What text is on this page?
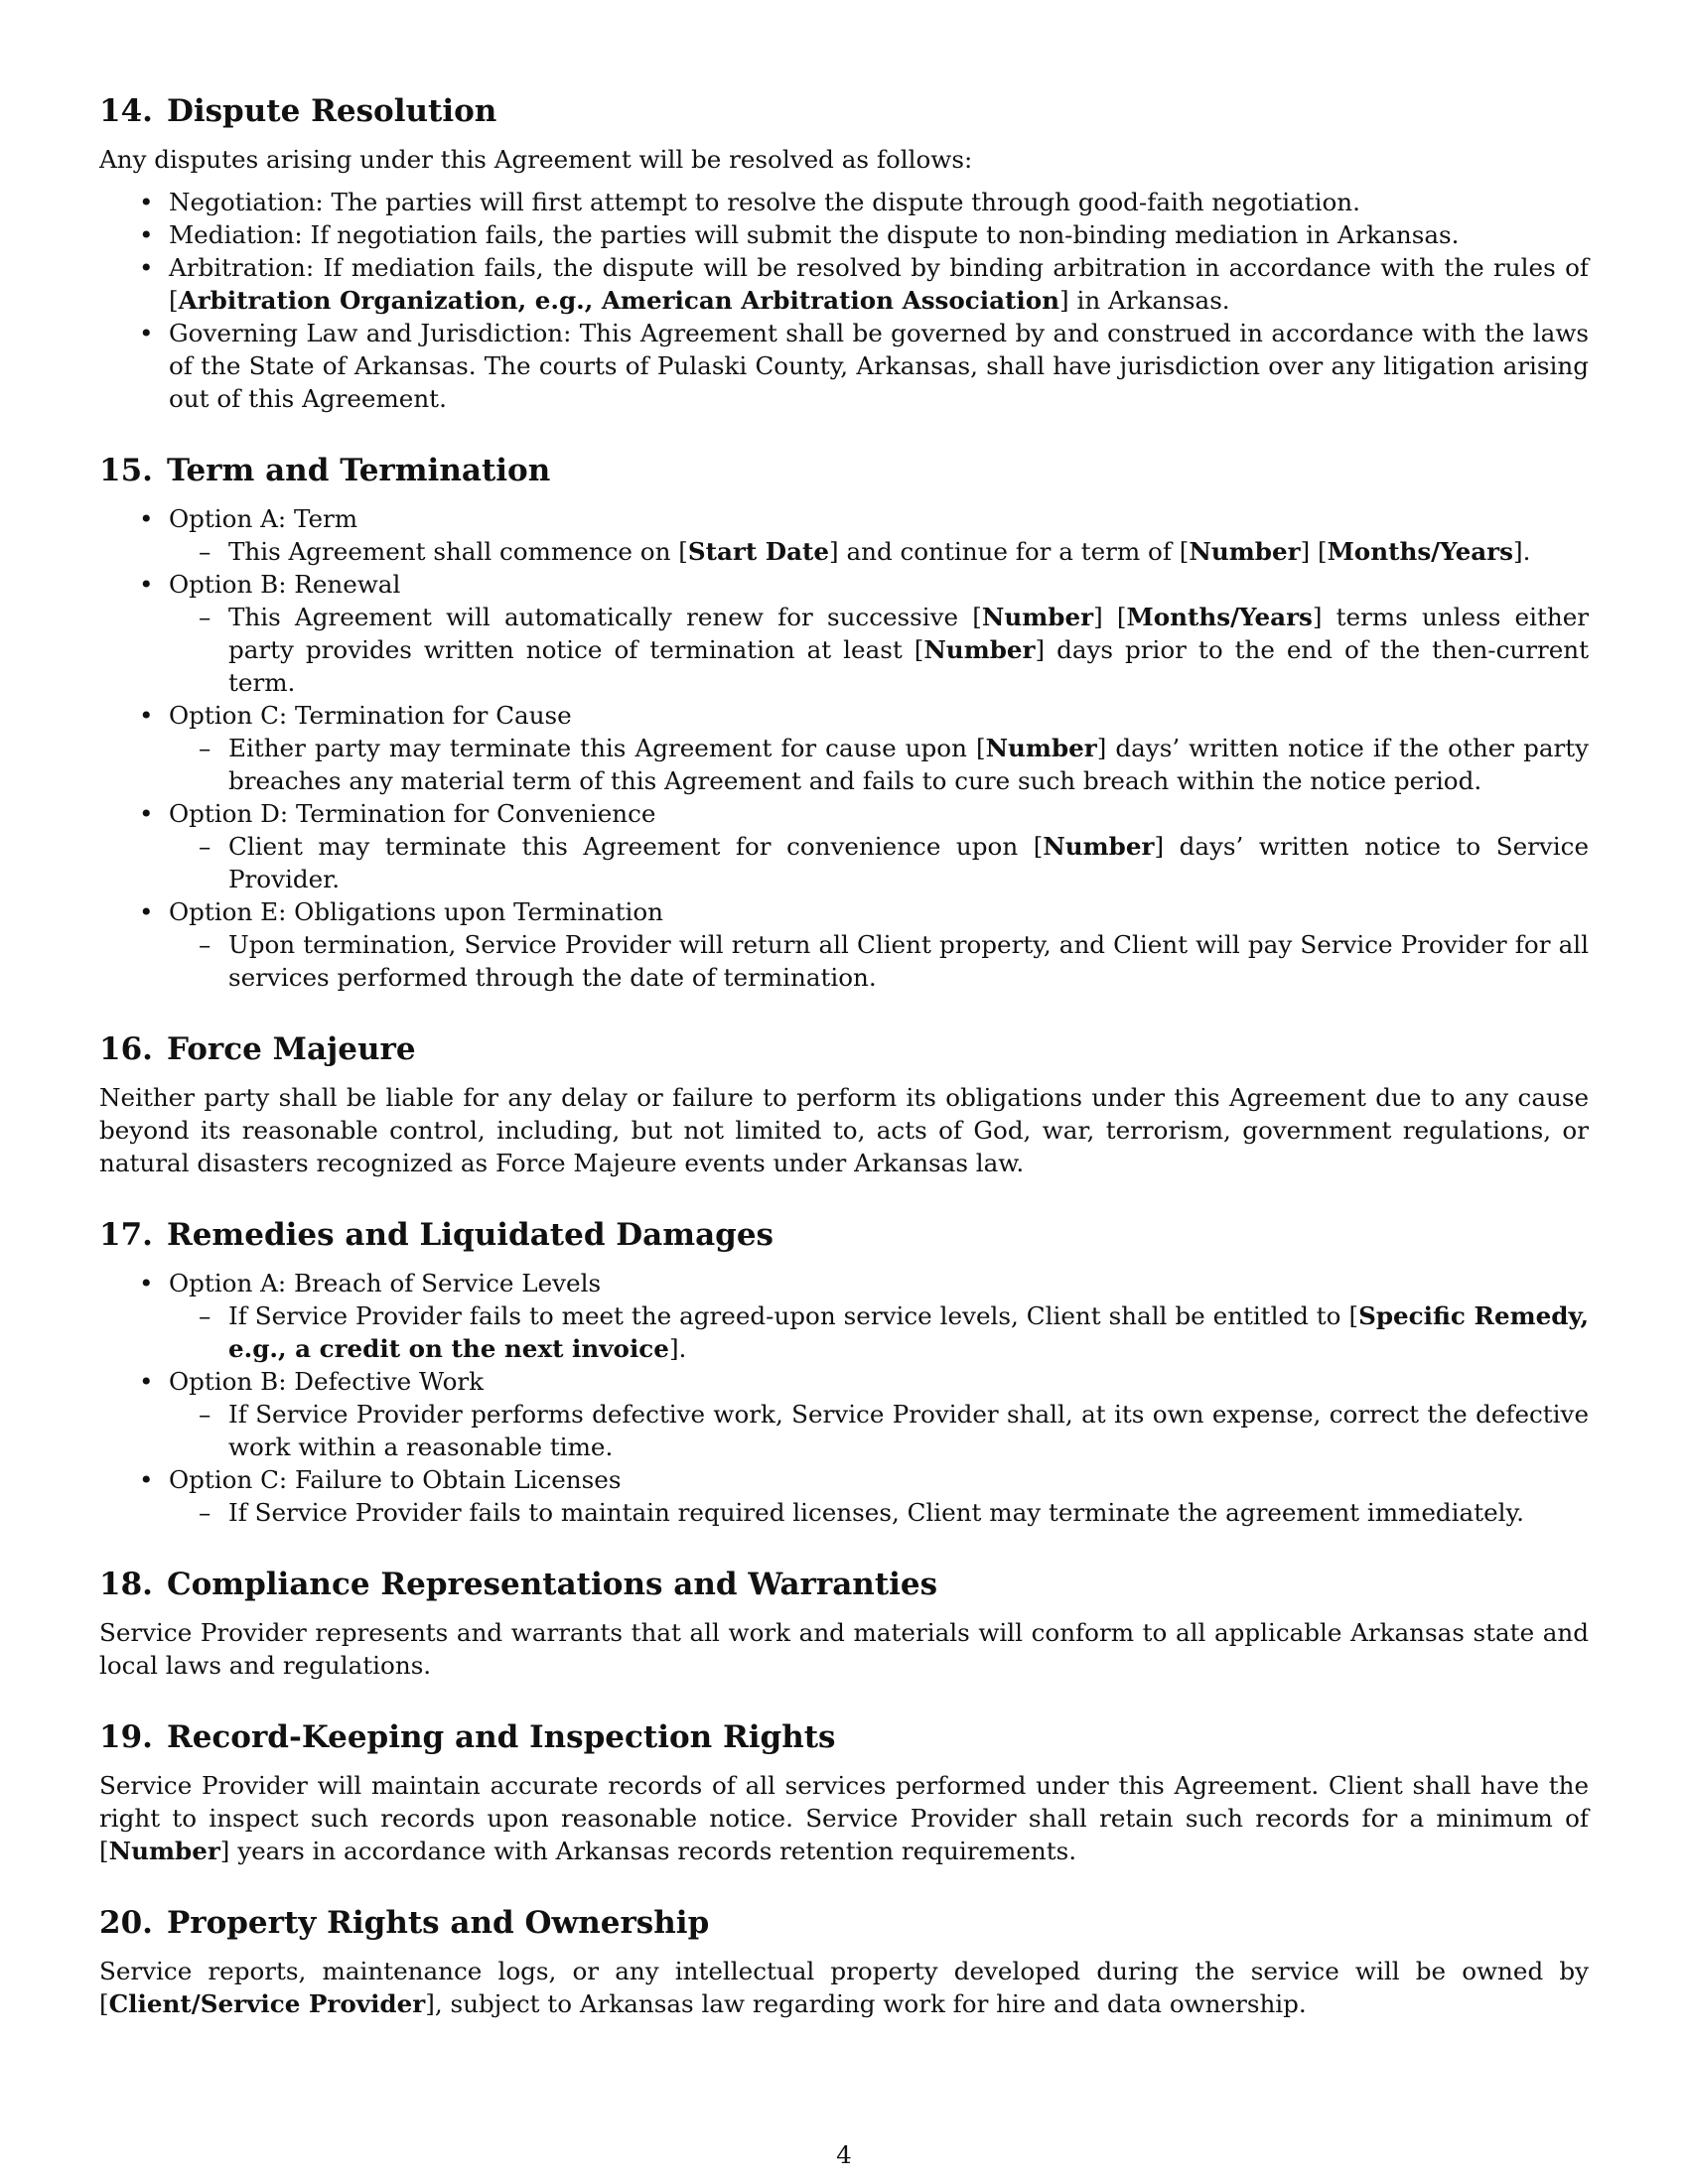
14. Dispute Resolution

Any disputes arising under this Agreement will be resolved as follows:

• Negotiation: The parties will first attempt to resolve the dispute through good-faith negotiation.
• Mediation: If negotiation fails, the parties will submit the dispute to non-binding mediation in Arkansas.
• Arbitration: If mediation fails, the dispute will be resolved by binding arbitration in accordance with the rules of [Arbitration Organization, e.g., American Arbitration Association] in Arkansas.
• Governing Law and Jurisdiction: This Agreement shall be governed by and construed in accordance with the laws of the State of Arkansas. The courts of Pulaski County, Arkansas, shall have jurisdiction over any litigation arising out of this Agreement.
15. Term and Termination
• Option A: Term
– This Agreement shall commence on [Start Date] and continue for a term of [Number] [Months/Years].
• Option B: Renewal
– This Agreement will automatically renew for successive [Number] [Months/Years] terms unless either party provides written notice of termination at least [Number] days prior to the end of the then-current term.
• Option C: Termination for Cause
– Either party may terminate this Agreement for cause upon [Number] days’ written notice if the other party breaches any material term of this Agreement and fails to cure such breach within the notice period.
• Option D: Termination for Convenience
– Client may terminate this Agreement for convenience upon [Number] days’ written notice to Service Provider.
• Option E: Obligations upon Termination
– Upon termination, Service Provider will return all Client property, and Client will pay Service Provider for all services performed through the date of termination.
16. Force Majeure

Neither party shall be liable for any delay or failure to perform its obligations under this Agreement due to any cause beyond its reasonable control, including, but not limited to, acts of God, war, terrorism, government regulations, or natural disasters recognized as Force Majeure events under Arkansas law.

17. Remedies and Liquidated Damages
• Option A: Breach of Service Levels
– If Service Provider fails to meet the agreed-upon service levels, Client shall be entitled to [Specific Remedy, e.g., a credit on the next invoice].
• Option B: Defective Work
– If Service Provider performs defective work, Service Provider shall, at its own expense, correct the defective work within a reasonable time.
• Option C: Failure to Obtain Licenses
– If Service Provider fails to maintain required licenses, Client may terminate the agreement immediately.
18. Compliance Representations and Warranties

Service Provider represents and warrants that all work and materials will conform to all applicable Arkansas state and local laws and regulations.

19. Record-Keeping and Inspection Rights

Service Provider will maintain accurate records of all services performed under this Agreement. Client shall have the right to inspect such records upon reasonable notice. Service Provider shall retain such records for a minimum of [Number] years in accordance with Arkansas records retention requirements.

20. Property Rights and Ownership

Service reports, maintenance logs, or any intellectual property developed during the service will be owned by [Client/Service Provider], subject to Arkansas law regarding work for hire and data ownership.

4
